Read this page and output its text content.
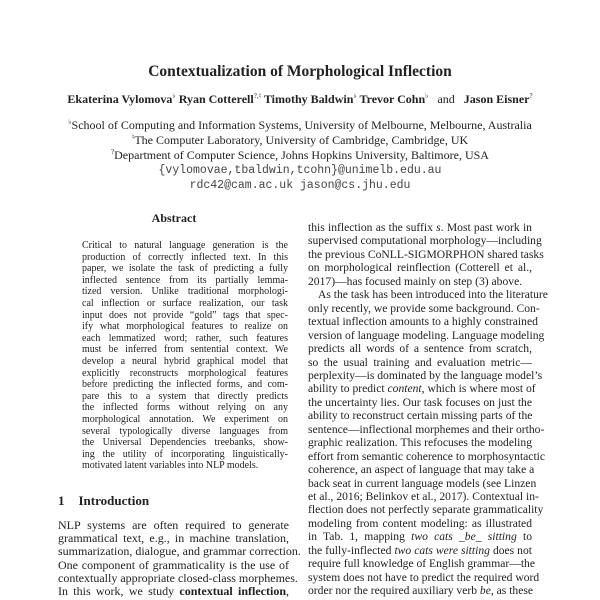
Contextualization of Morphological Inflection
Ekaterina Vylomova♭ Ryan Cotterell?,♮ Timothy Baldwin♭ Trevor Cohn♭ and Jason Eisner?
♭School of Computing and Information Systems, University of Melbourne, Melbourne, Australia
♮The Computer Laboratory, University of Cambridge, Cambridge, UK
?Department of Computer Science, Johns Hopkins University, Baltimore, USA
{vylomovae,tbaldwin,tcohn}@unimelb.edu.au
rdc42@cam.ac.uk jason@cs.jhu.edu
Abstract
Critical to natural language generation is the
production of correctly inflected text. In this
paper, we isolate the task of predicting a fully
inflected sentence from its partially lemma-
tized version. Unlike traditional morphologi-
cal inflection or surface realization, our task
input does not provide “gold” tags that spec-
ify what morphological features to realize on
each lemmatized word; rather, such features
must be inferred from sentential context. We
develop a neural hybrid graphical model that
explicitly reconstructs morphological features
before predicting the inflected forms, and com-
pare this to a system that directly predicts
the inflected forms without relying on any
morphological annotation. We experiment on
several typologically diverse languages from
the Universal Dependencies treebanks, show-
ing the utility of incorporating linguistically-
motivated latent variables into NLP models.
1 Introduction
NLP systems are often required to generate
grammatical text, e.g., in machine translation,
summarization, dialogue, and grammar correction.
One component of grammaticality is the use of
contextually appropriate closed-class morphemes.
In this work, we study contextual inflection,
this inflection as the suffix s. Most past work in
supervised computational morphology—including
the previous CoNLL-SIGMORPHON shared tasks
on morphological reinflection (Cotterell et al.,
2017)—has focused mainly on step (3) above.
As the task has been introduced into the literature
only recently, we provide some background. Con-
textual inflection amounts to a highly constrained
version of language modeling. Language modeling
predicts all words of a sentence from scratch,
so the usual training and evaluation metric—
perplexity—is dominated by the language model’s
ability to predict content, which is where most of
the uncertainty lies. Our task focuses on just the
ability to reconstruct certain missing parts of the
sentence—inflectional morphemes and their ortho-
graphic realization. This refocuses the modeling
effort from semantic coherence to morphosyntactic
coherence, an aspect of language that may take a
back seat in current language models (see Linzen
et al., 2016; Belinkov et al., 2017). Contextual in-
flection does not perfectly separate grammaticality
modeling from content modeling: as illustrated
in Tab. 1, mapping two cats _be_ sitting to
the fully-inflected two cats were sitting does not
require full knowledge of English grammar—the
system does not have to predict the required word
order nor the required auxiliary verb be, as these
